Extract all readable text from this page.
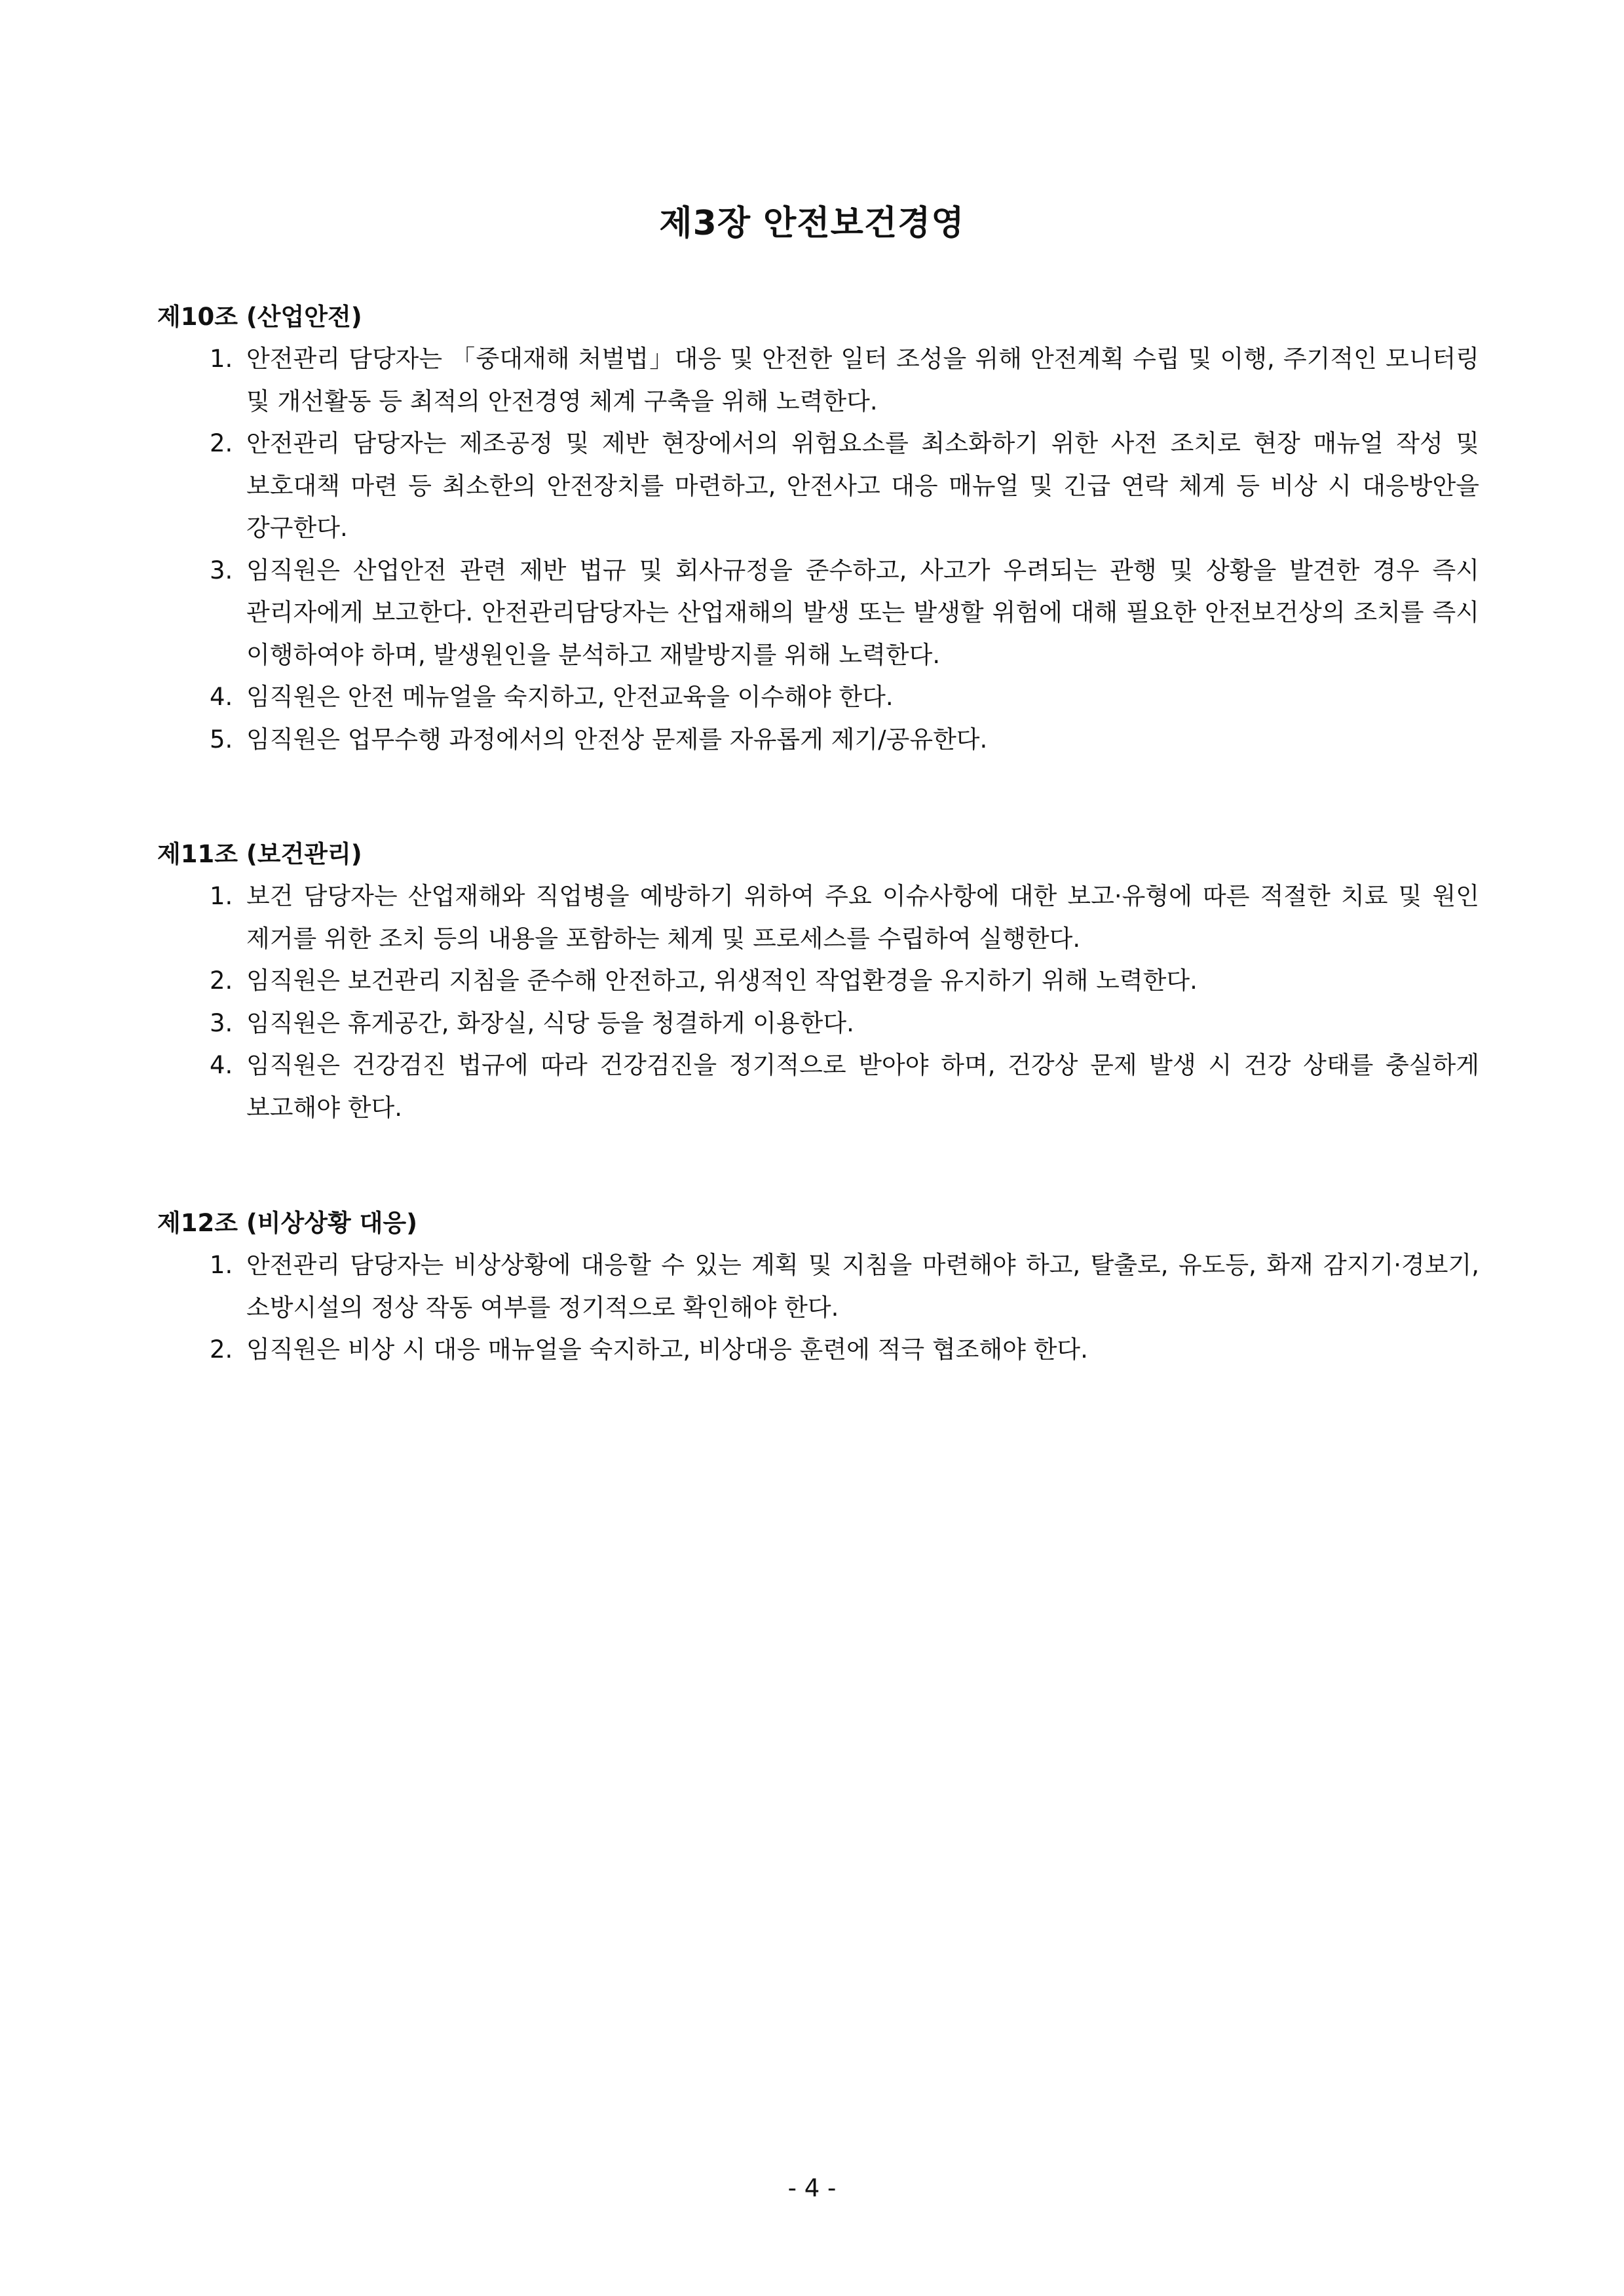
제3장 안전보건경영
제10조 (산업안전)
1. 안전관리 담당자는 「중대재해 처벌법」대응 및 안전한 일터 조성을 위해 안전계획 수립 및 이행, 주기적인 모니터링 및 개선활동 등 최적의 안전경영 체계 구축을 위해 노력한다.
2. 안전관리 담당자는 제조공정 및 제반 현장에서의 위험요소를 최소화하기 위한 사전 조치로 현장 매뉴얼 작성 및 보호대책 마련 등 최소한의 안전장치를 마련하고, 안전사고 대응 매뉴얼 및 긴급 연락 체계 등 비상 시 대응방안을 강구한다.
3. 임직원은 산업안전 관련 제반 법규 및 회사규정을 준수하고, 사고가 우려되는 관행 및 상황을 발견한 경우 즉시 관리자에게 보고한다. 안전관리담당자는 산업재해의 발생 또는 발생할 위험에 대해 필요한 안전보건상의 조치를 즉시 이행하여야 하며, 발생원인을 분석하고 재발방지를 위해 노력한다.
4. 임직원은 안전 메뉴얼을 숙지하고, 안전교육을 이수해야 한다.
5. 임직원은 업무수행 과정에서의 안전상 문제를 자유롭게 제기/공유한다.
제11조 (보건관리)
1. 보건 담당자는 산업재해와 직업병을 예방하기 위하여 주요 이슈사항에 대한 보고·유형에 따른 적절한 치료 및 원인 제거를 위한 조치 등의 내용을 포함하는 체계 및 프로세스를 수립하여 실행한다.
2. 임직원은 보건관리 지침을 준수해 안전하고, 위생적인 작업환경을 유지하기 위해 노력한다.
3. 임직원은 휴게공간, 화장실, 식당 등을 청결하게 이용한다.
4. 임직원은 건강검진 법규에 따라 건강검진을 정기적으로 받아야 하며, 건강상 문제 발생 시 건강 상태를 충실하게 보고해야 한다.
제12조 (비상상황 대응)
1. 안전관리 담당자는 비상상황에 대응할 수 있는 계획 및 지침을 마련해야 하고, 탈출로, 유도등, 화재 감지기·경보기, 소방시설의 정상 작동 여부를 정기적으로 확인해야 한다.
2. 임직원은 비상 시 대응 매뉴얼을 숙지하고, 비상대응 훈련에 적극 협조해야 한다.
- 4 -
